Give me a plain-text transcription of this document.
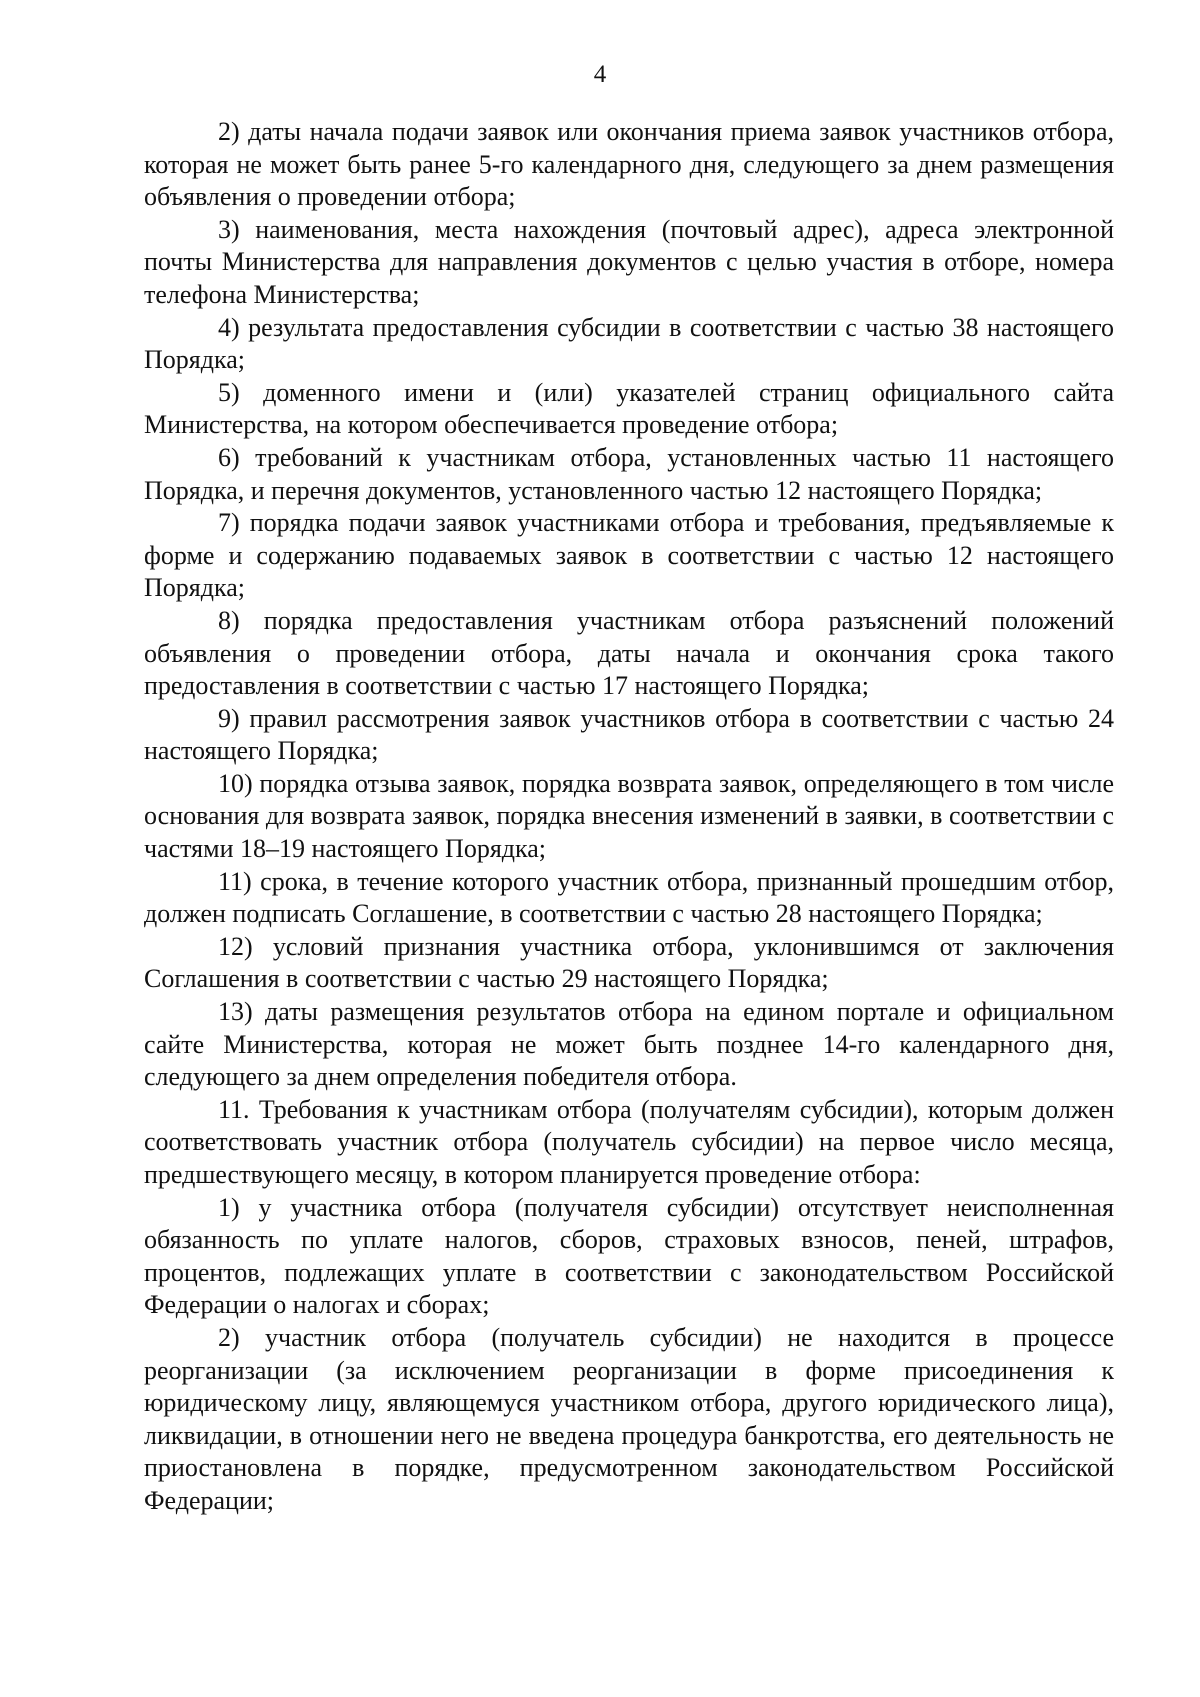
4

2) даты начала подачи заявок или окончания приема заявок участников отбора, которая не может быть ранее 5-го календарного дня, следующего за днем размещения объявления о проведении отбора;

3) наименования, места нахождения (почтовый адрес), адреса электронной почты Министерства для направления документов с целью участия в отборе, номера телефона Министерства;

4) результата предоставления субсидии в соответствии с частью 38 настоящего Порядка;

5) доменного имени и (или) указателей страниц официального сайта Министерства, на котором обеспечивается проведение отбора;

6) требований к участникам отбора, установленных частью 11 настоящего Порядка, и перечня документов, установленного частью 12 настоящего Порядка;

7) порядка подачи заявок участниками отбора и требования, предъявляемые к форме и содержанию подаваемых заявок в соответствии с частью 12 настоящего Порядка;

8) порядка предоставления участникам отбора разъяснений положений объявления о проведении отбора, даты начала и окончания срока такого предоставления в соответствии с частью 17 настоящего Порядка;

9) правил рассмотрения заявок участников отбора в соответствии с частью 24 настоящего Порядка;

10) порядка отзыва заявок, порядка возврата заявок, определяющего в том числе основания для возврата заявок, порядка внесения изменений в заявки, в соответствии с частями 18–19 настоящего Порядка;

11) срока, в течение которого участник отбора, признанный прошедшим отбор, должен подписать Соглашение, в соответствии с частью 28 настоящего Порядка;

12) условий признания участника отбора, уклонившимся от заключения Соглашения в соответствии с частью 29 настоящего Порядка;

13) даты размещения результатов отбора на едином портале и официальном сайте Министерства, которая не может быть позднее 14-го календарного дня, следующего за днем определения победителя отбора.

11. Требования к участникам отбора (получателям субсидии), которым должен соответствовать участник отбора (получатель субсидии) на первое число месяца, предшествующего месяцу, в котором планируется проведение отбора:

1) у участника отбора (получателя субсидии) отсутствует неисполненная обязанность по уплате налогов, сборов, страховых взносов, пеней, штрафов, процентов, подлежащих уплате в соответствии с законодательством Российской Федерации о налогах и сборах;

2) участник отбора (получатель субсидии) не находится в процессе реорганизации (за исключением реорганизации в форме присоединения к юридическому лицу, являющемуся участником отбора, другого юридического лица), ликвидации, в отношении него не введена процедура банкротства, его деятельность не приостановлена в порядке, предусмотренном законодательством Российской Федерации;
